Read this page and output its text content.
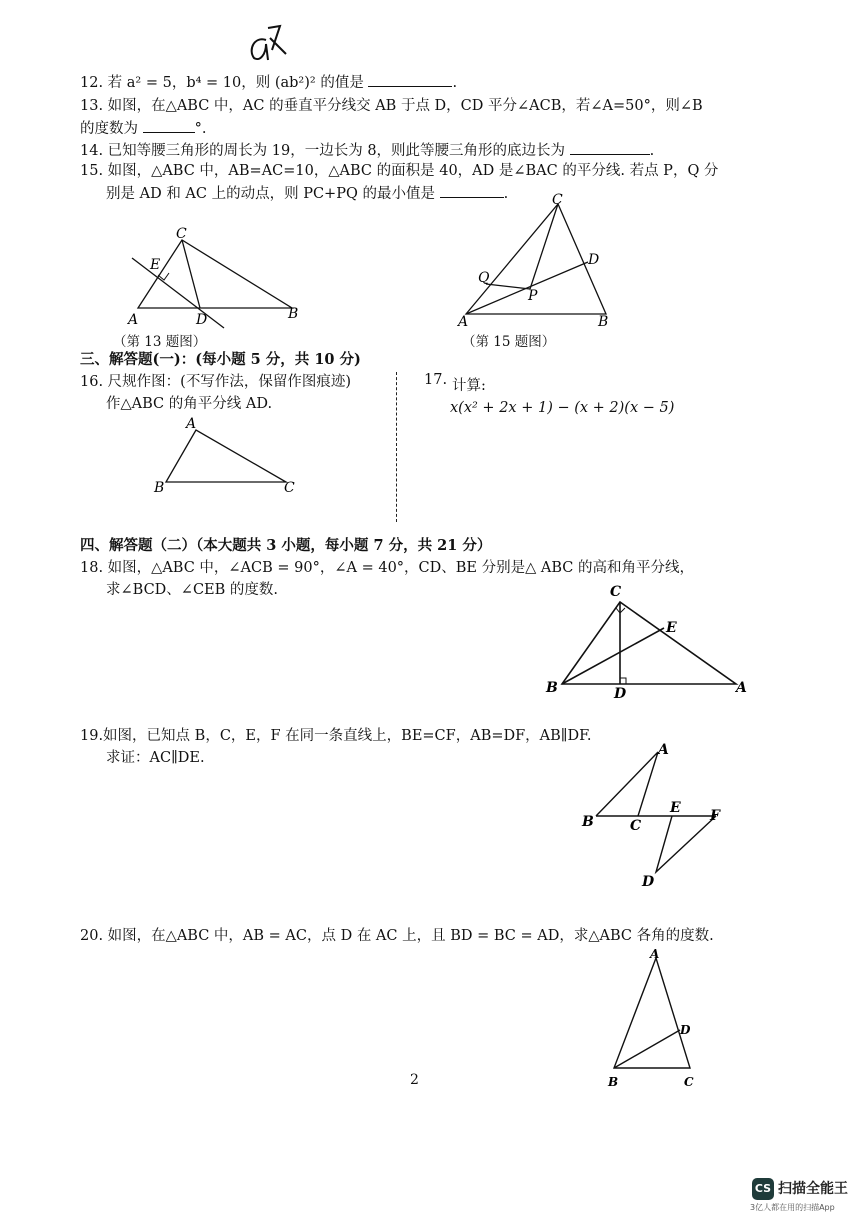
12. 若 a² = 5，b⁴ = 10，则 (ab²)² 的值是	.
13. 如图，在△ABC 中，AC 的垂直平分线交 AB 于点 D，CD 平分∠ACB，若∠A=50°，则∠B
的度数为	°.
14. 已知等腰三角形的周长为 19，一边长为 8，则此等腰三角形的底边长为	.
15. 如图，△ABC 中，AB=AC=10，△ABC 的面积是 40，AD 是∠BAC 的平分线. 若点 P，Q 分
别是 AD 和 AC 上的动点，则 PC+PQ 的最小值是	.
C
E
A	D	B
（第 13 题图）
C
D
Q
P
A	B
（第 15 题图）
三、解答题(一)：(每小题 5 分，共 10 分)
16. 尺规作图：(不写作法，保留作图痕迹)
作△ABC 的角平分线 AD.
A
B	C
17. 计算:
x(x² + 2x + 1) − (x + 2)(x − 5)
四、解答题（二）（本大题共 3 小题，每小题 7 分，共 21 分）
18. 如图，△ABC 中，∠ACB = 90°，∠A = 40°，CD、BE 分别是△ ABC 的高和角平分线，
求∠BCD、∠CEB 的度数.	C
E
B	D	A
19.如图，已知点 B，C，E，F 在同一条直线上，BE=CF，AB=DF，AB∥DF.
求证：AC∥DE.	A
B	C
E F
D
20. 如图，在△ABC 中，AB = AC，点 D 在 AC 上，且 BD = BC = AD，求△ABC 各角的度数.
A
D
B	C
2
CS 扫描全能王
3亿人都在用的扫描App
